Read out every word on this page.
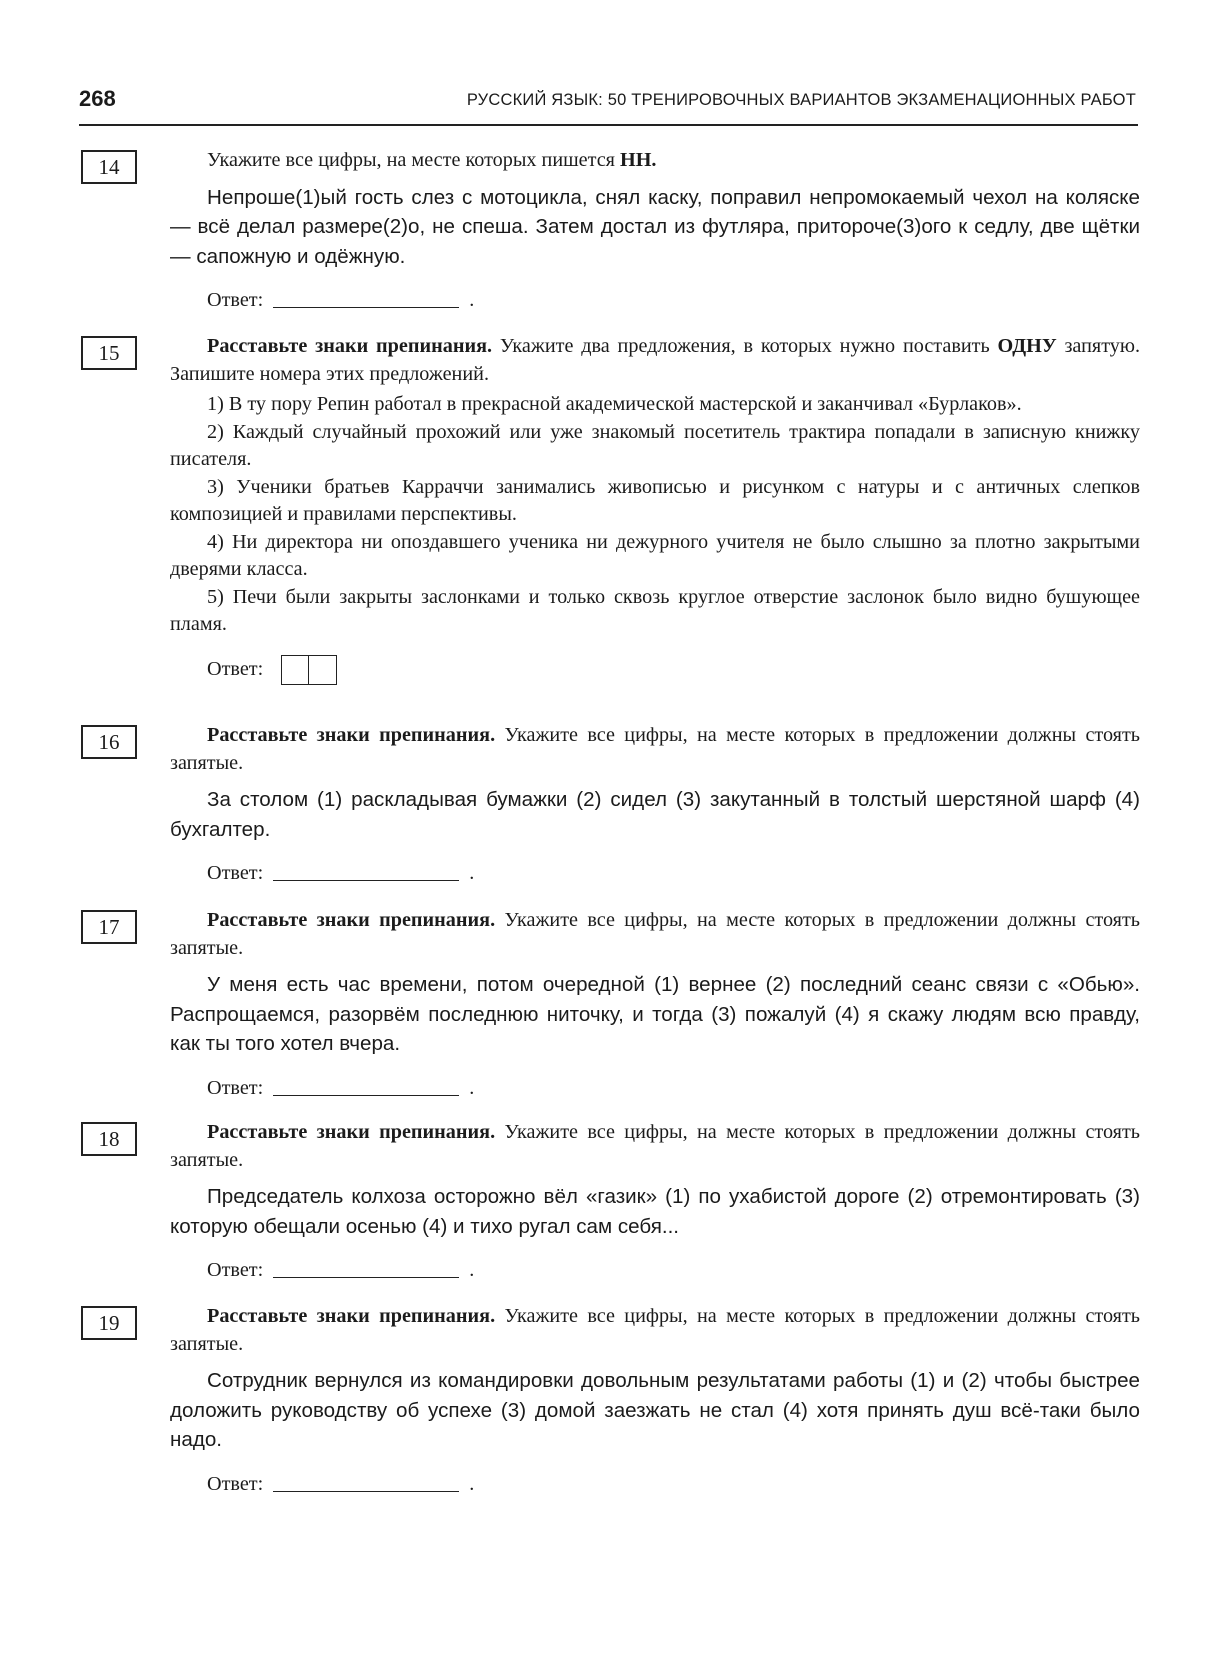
268	РУССКИЙ ЯЗЫК: 50 ТРЕНИРОВОЧНЫХ ВАРИАНТОВ ЭКЗАМЕНАЦИОННЫХ РАБОТ
14	Укажите все цифры, на месте которых пишется НН.

Непроше(1)ый гость слез с мотоцикла, снял каску, поправил непромокаемый чехол на коляске — всё делал размере(2)о, не спеша. Затем достал из футляра, притороче(3)ого к седлу, две щётки — сапожную и одёжную.

Ответ:	.
15	Расставьте знаки препинания. Укажите два предложения, в которых нужно поставить ОДНУ запятую. Запишите номера этих предложений.

1) В ту пору Репин работал в прекрасной академической мастерской и заканчивал «Бурлаков».

2) Каждый случайный прохожий или уже знакомый посетитель трактира попадали в записную книжку писателя.

3) Ученики братьев Карраччи занимались живописью и рисунком с натуры и с античных слепков композицией и правилами перспективы.

4) Ни директора ни опоздавшего ученика ни дежурного учителя не было слышно за плотно закрытыми дверями класса.

5) Печи были закрыты заслонками и только сквозь круглое отверстие заслонок было видно бушующее пламя.

Ответ:
16	Расставьте знаки препинания. Укажите все цифры, на месте которых в предложении должны стоять запятые.

За столом (1) раскладывая бумажки (2) сидел (3) закутанный в толстый шерстяной шарф (4) бухгалтер.

Ответ:	.
17	Расставьте знаки препинания. Укажите все цифры, на месте которых в предложении должны стоять запятые.

У меня есть час времени, потом очередной (1) вернее (2) последний сеанс связи с «Обью». Распрощаемся, разорвём последнюю ниточку, и тогда (3) пожалуй (4) я скажу людям всю правду, как ты того хотел вчера.

Ответ:	.
18	Расставьте знаки препинания. Укажите все цифры, на месте которых в предложении должны стоять запятые.

Председатель колхоза осторожно вёл «газик» (1) по ухабистой дороге (2) отремонтировать (3) которую обещали осенью (4) и тихо ругал сам себя...

Ответ:	.
19	Расставьте знаки препинания. Укажите все цифры, на месте которых в предложении должны стоять запятые.

Сотрудник вернулся из командировки довольным результатами работы (1) и (2) чтобы быстрее доложить руководству об успехе (3) домой заезжать не стал (4) хотя принять душ всё-таки было надо.

Ответ:	.
